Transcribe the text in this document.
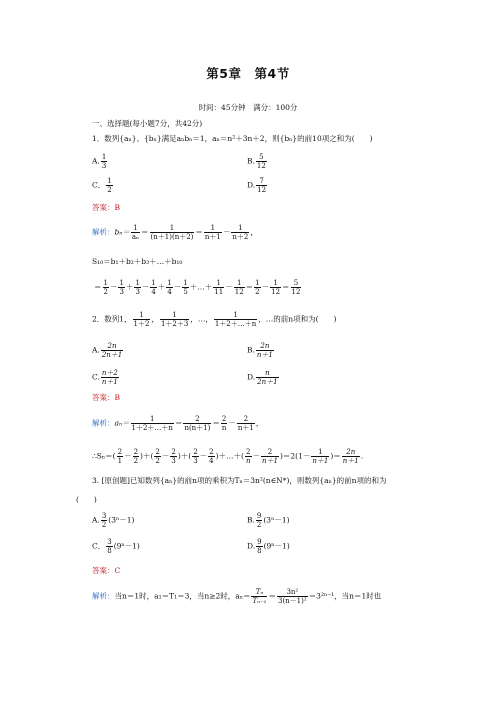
第5章　第4节
时间：45分钟　满分：100分
一、选择题(每小题7分，共42分)
1．数列{aₙ}、{bₙ}满足aₙbₙ＝1，aₙ＝n²＋3n＋2，则{bₙ}的前10项之和为(　　)
A. $\frac{1}{3}$	B. $\frac{5}{12}$
C． $\frac{1}{2}$	D. $\frac{7}{12}$
答案：B
解析：$b_n= \frac{1}{\text{aₙ}} = \frac{1}{(n+1)(n+2)} = \frac{1}{n+1} - \frac{1}{n+2}$ ，
S₁₀＝b₁＋b₂＋b₃＋…＋b₁₀
＝ $\frac{1}{2} - \frac{1}{3} + \frac{1}{3} - \frac{1}{4} + \frac{1}{4} - \frac{1}{5}$ ＋…＋ $\frac{1}{11} - \frac{1}{12} = \frac{1}{2} - \frac{1}{12} = \frac{5}{12}$
2．数列1， $\frac{1}{1+2}$ ， $\frac{1}{1+2+3}$ ，…， $\frac{1}{1+2+\dots+n}$ ，…的前n项和为(　　)
A. $\frac{2n}{2n+1}$	B. $\frac{2n}{n+1}$
C. $\frac{n+2}{n+1}$	D. $\frac{n}{2n+1}$
答案：B
解析：$a_n= \frac{1}{1+2+\dots+n} = \frac{2}{n(n+1)} = \frac{2}{n} - \frac{2}{n+1}$ ，
∴Sₙ＝( $\frac{2}{1} - \frac{2}{2}$ )＋( $\frac{2}{2} - \frac{2}{3}$ )＋( $\frac{2}{3} - \frac{2}{4}$ )＋…＋( $\frac{2}{n} - \frac{2}{n+1} )=2(1- \frac{1}{n+1}$ )＝ $\frac{2n}{n+1}$ .
3. [原创题]已知数列{aₙ}的前n项的乘积为Tₙ＝3n²(n∈N*)，则数列{aₙ}的前n项的和为
(　　)
A. $\frac{3}{2} (3^n-1)$	B. $\frac{9}{2} (3^n-1)$
C． $\frac{3}{8} (9^n-1)$	D. $\frac{9}{8} (9^n-1)$
答案：C
解析：当n＝1时，a₁＝T₁＝3，当n≥2时，$a_n= \frac{\text{Tₙ}}{\text{Tₙ₋₁}} = \frac{\text{3n²}}{\text{3(n－1)²}} =3^{2n-1}$，当n＝1时也
